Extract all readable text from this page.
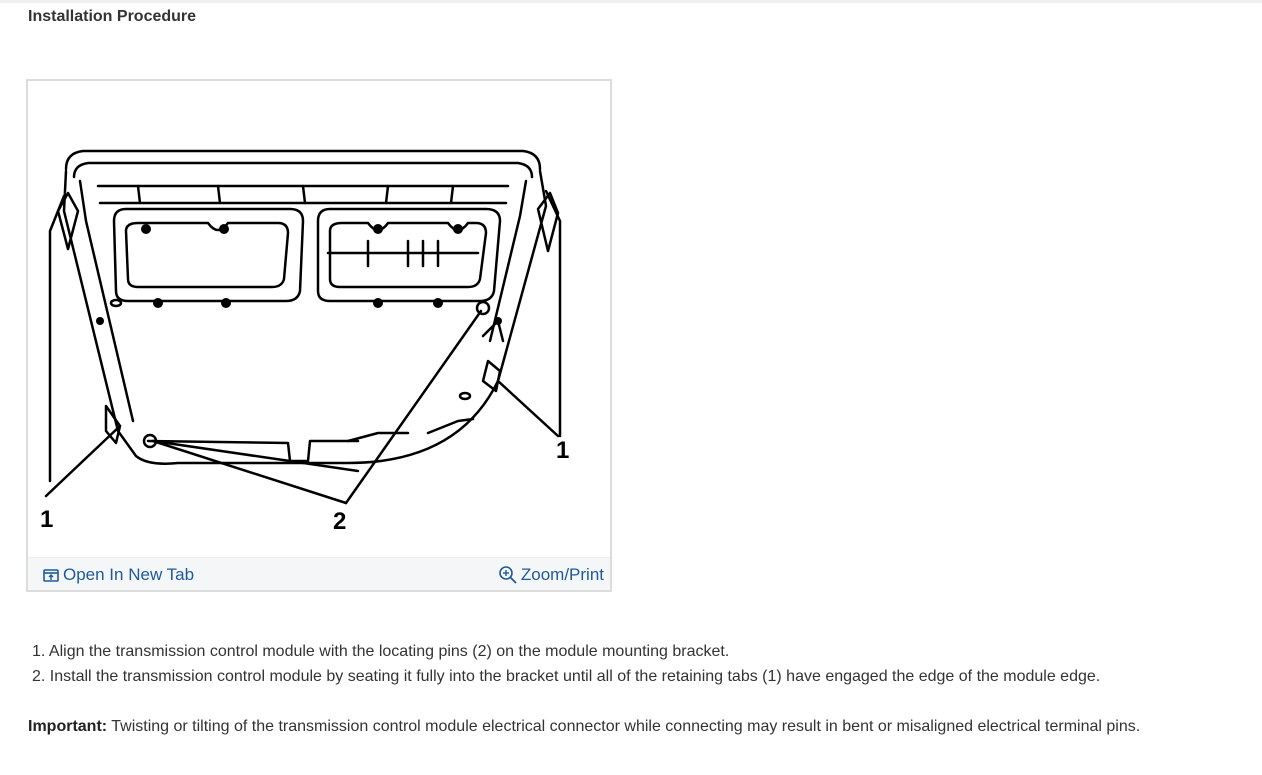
Installation Procedure
1	2
1
Open In New Tab	Zoom/Print
1. Align the transmission control module with the locating pins (2) on the module mounting bracket.
2. Install the transmission control module by seating it fully into the bracket until all of the retaining tabs (1) have engaged the edge of the module edge.
Important: Twisting or tilting of the transmission control module electrical connector while connecting may result in bent or misaligned electrical terminal pins.
